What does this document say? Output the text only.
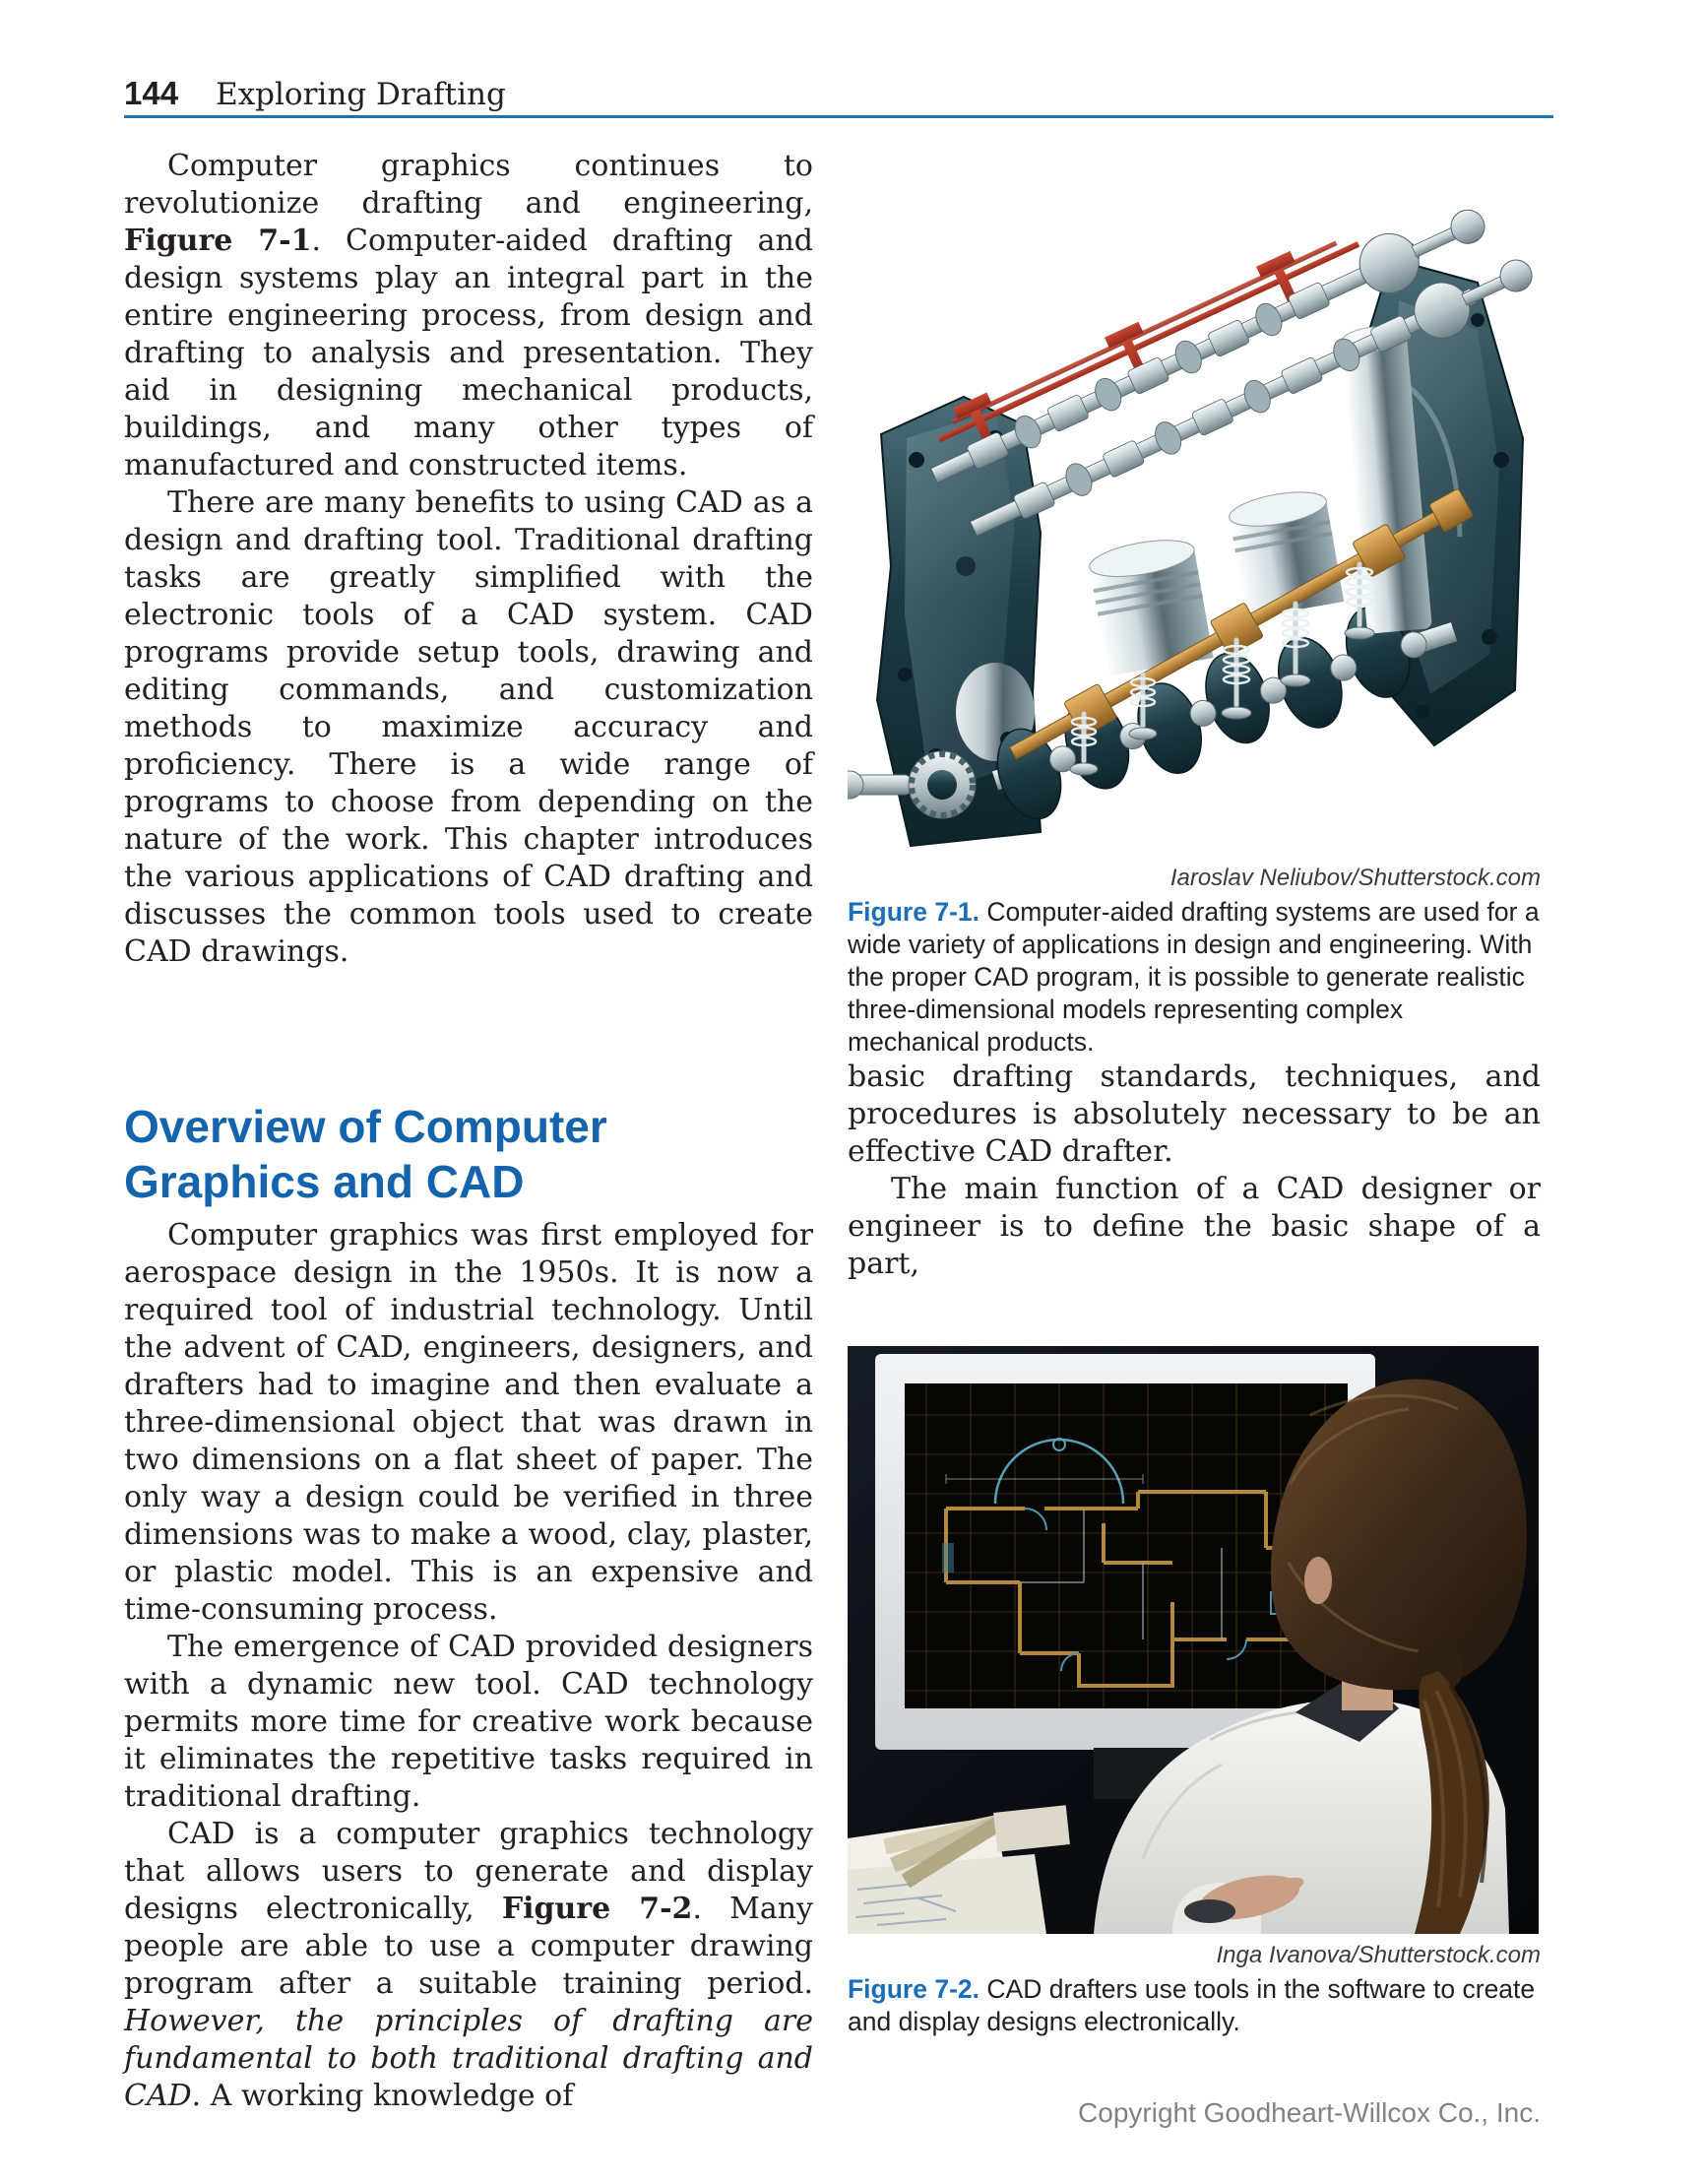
144 Exploring Drafting

Computer graphics continues to revolutionize drafting and engineering, Figure 7-1. Computer-aided drafting and design systems play an integral part in the entire engineering process, from design and drafting to analysis and presentation. They aid in designing mechanical products, buildings, and many other types of manufactured and constructed items.

There are many benefits to using CAD as a design and drafting tool. Traditional drafting tasks are greatly simplified with the electronic tools of a CAD system. CAD programs provide setup tools, drawing and editing commands, and customization methods to maximize accuracy and proficiency. There is a wide range of programs to choose from depending on the nature of the work. This chapter introduces the various applications of CAD drafting and discusses the common tools used to create CAD drawings.

Overview of Computer Graphics and CAD

Computer graphics was first employed for aerospace design in the 1950s. It is now a required tool of industrial technology. Until the advent of CAD, engineers, designers, and drafters had to imagine and then evaluate a three-dimensional object that was drawn in two dimensions on a flat sheet of paper. The only way a design could be verified in three dimensions was to make a wood, clay, plaster, or plastic model. This is an expensive and time-consuming process.

The emergence of CAD provided designers with a dynamic new tool. CAD technology permits more time for creative work because it eliminates the repetitive tasks required in traditional drafting.

CAD is a computer graphics technology that allows users to generate and display designs electronically, Figure 7-2. Many people are able to use a computer drawing program after a suitable training period. However, the principles of drafting are fundamental to both traditional drafting and CAD. A working knowledge of

Iaroslav Neliubov/Shutterstock.com
Figure 7-1. Computer-aided drafting systems are used for a wide variety of applications in design and engineering. With the proper CAD program, it is possible to generate realistic three-dimensional models representing complex mechanical products.

basic drafting standards, techniques, and procedures is absolutely necessary to be an effective CAD drafter.

The main function of a CAD designer or engineer is to define the basic shape of a part,

Inga Ivanova/Shutterstock.com
Figure 7-2. CAD drafters use tools in the software to create and display designs electronically.
Copyright Goodheart-Willcox Co., Inc.
